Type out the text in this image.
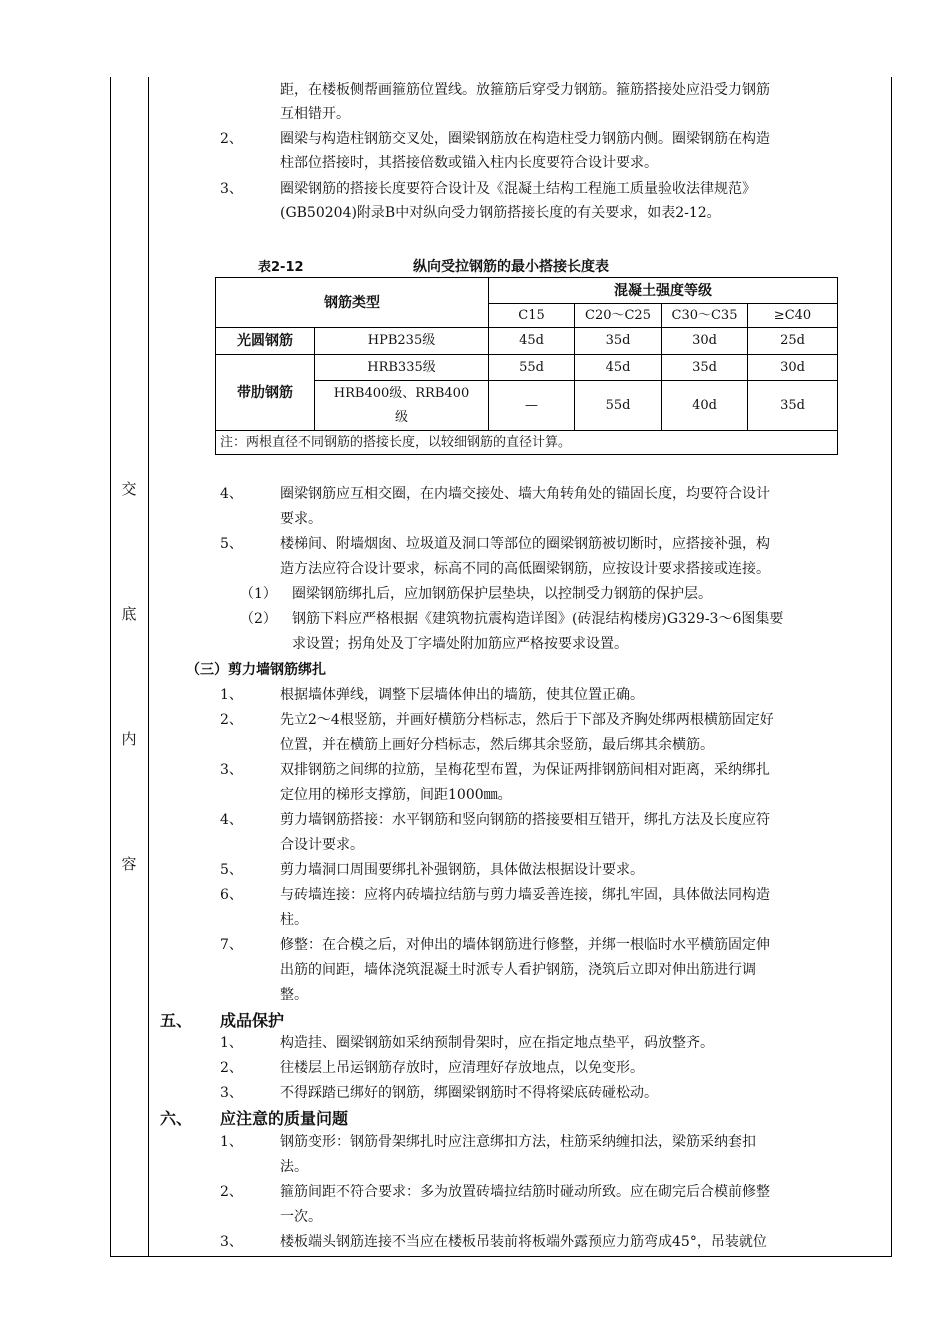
交
底
内
容
距，在楼板侧帮画箍筋位置线。放箍筋后穿受力钢筋。箍筋搭接处应沿受力钢筋
互相错开。
2、	圈梁与构造柱钢筋交叉处，圈梁钢筋放在构造柱受力钢筋内侧。圈梁钢筋在构造
柱部位搭接时，其搭接倍数或锚入柱内长度要符合设计要求。
3、	圈梁钢筋的搭接长度要符合设计及《混凝土结构工程施工质量验收法律规范》
(GB50204)附录B中对纵向受力钢筋搭接长度的有关要求，如表2-12。
表2-12	纵向受拉钢筋的最小搭接长度表
钢筋类型		混凝土强度等级			
		C15	C20～C25	C30～C35	≥C40
光圆钢筋	HPB235级	45d	35d	30d	25d
带肋钢筋	HRB335级	55d	45d	35d	30d
	HRB400级、RRB400级	—	55d	40d	35d
注：两根直径不同钢筋的搭接长度，以较细钢筋的直径计算。					
4、	圈梁钢筋应互相交圈，在内墙交接处、墙大角转角处的锚固长度，均要符合设计
要求。
5、	楼梯间、附墙烟囱、垃圾道及洞口等部位的圈梁钢筋被切断时，应搭接补强，构
造方法应符合设计要求，标高不同的高低圈梁钢筋，应按设计要求搭接或连接。
（1） 圈梁钢筋绑扎后，应加钢筋保护层垫块，以控制受力钢筋的保护层。
（2） 钢筋下料应严格根据《建筑物抗震构造详图》(砖混结构楼房)G329-3～6图集要
求设置；拐角处及丁字墙处附加筋应严格按要求设置。
（三）剪力墙钢筋绑扎
1、	根据墙体弹线，调整下层墙体伸出的墙筋，使其位置正确。
2、	先立2～4根竖筋，并画好横筋分档标志，然后于下部及齐胸处绑两根横筋固定好
位置，并在横筋上画好分档标志，然后绑其余竖筋，最后绑其余横筋。
3、	双排钢筋之间绑的拉筋，呈梅花型布置，为保证两排钢筋间相对距离，采纳绑扎
定位用的梯形支撑筋，间距1000㎜。
4、	剪力墙钢筋搭接：水平钢筋和竖向钢筋的搭接要相互错开，绑扎方法及长度应符
合设计要求。
5、	剪力墙洞口周围要绑扎补强钢筋，具体做法根据设计要求。
6、	与砖墙连接：应将内砖墙拉结筋与剪力墙妥善连接，绑扎牢固，具体做法同构造
柱。
7、	修整：在合模之后，对伸出的墙体钢筋进行修整，并绑一根临时水平横筋固定伸
出筋的间距，墙体浇筑混凝土时派专人看护钢筋，浇筑后立即对伸出筋进行调
整。
五、 成品保护
1、	构造挂、圈梁钢筋如采纳预制骨架时，应在指定地点垫平，码放整齐。
2、	往楼层上吊运钢筋存放时，应清理好存放地点，以免变形。
3、	不得踩踏已绑好的钢筋，绑圈梁钢筋时不得将梁底砖碰松动。
六、 应注意的质量问题
1、	钢筋变形：钢筋骨架绑扎时应注意绑扣方法，柱筋采纳缠扣法，梁筋采纳套扣
法。
2、	箍筋间距不符合要求：多为放置砖墙拉结筋时碰动所致。应在砌完后合模前修整
一次。
3、	楼板端头钢筋连接不当应在楼板吊装前将板端外露预应力筋弯成45°，吊装就位
